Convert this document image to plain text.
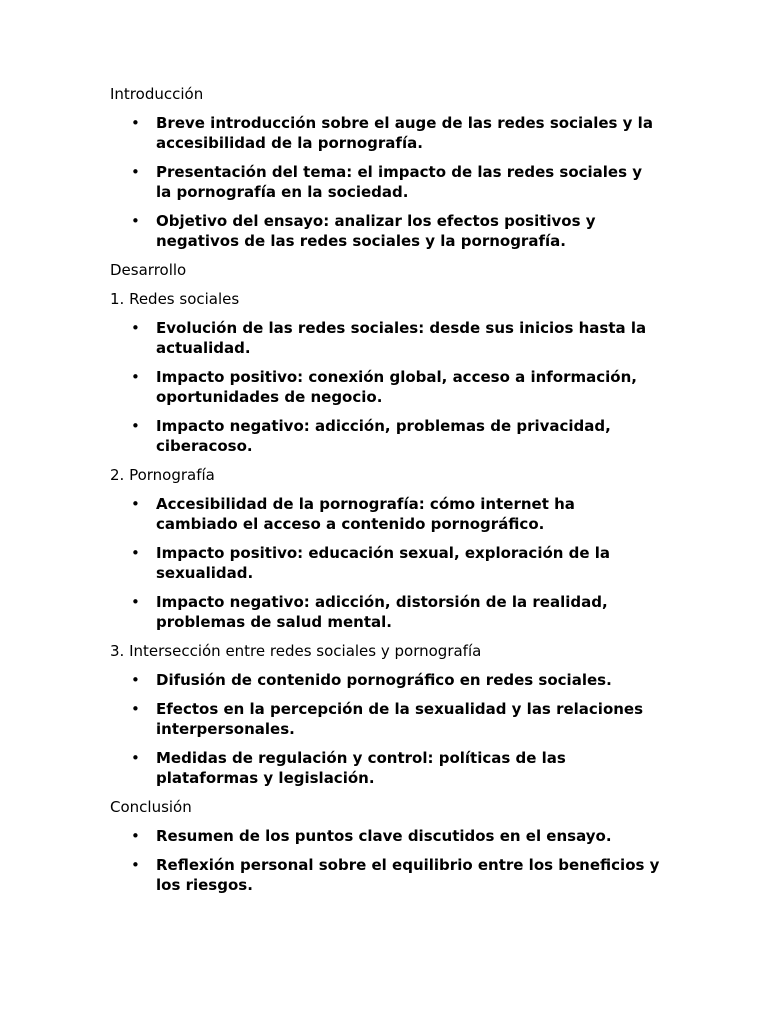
Introducción
• Breve introducción sobre el auge de las redes sociales y la accesibilidad de la pornografía.
• Presentación del tema: el impacto de las redes sociales y la pornografía en la sociedad.
• Objetivo del ensayo: analizar los efectos positivos y negativos de las redes sociales y la pornografía.
Desarrollo
1. Redes sociales
• Evolución de las redes sociales: desde sus inicios hasta la actualidad.
• Impacto positivo: conexión global, acceso a información, oportunidades de negocio.
• Impacto negativo: adicción, problemas de privacidad, ciberacoso.
2. Pornografía
• Accesibilidad de la pornografía: cómo internet ha cambiado el acceso a contenido pornográfico.
• Impacto positivo: educación sexual, exploración de la sexualidad.
• Impacto negativo: adicción, distorsión de la realidad, problemas de salud mental.
3. Intersección entre redes sociales y pornografía
• Difusión de contenido pornográfico en redes sociales.
• Efectos en la percepción de la sexualidad y las relaciones interpersonales.
• Medidas de regulación y control: políticas de las plataformas y legislación.
Conclusión
• Resumen de los puntos clave discutidos en el ensayo.
• Reflexión personal sobre el equilibrio entre los beneficios y los riesgos.
